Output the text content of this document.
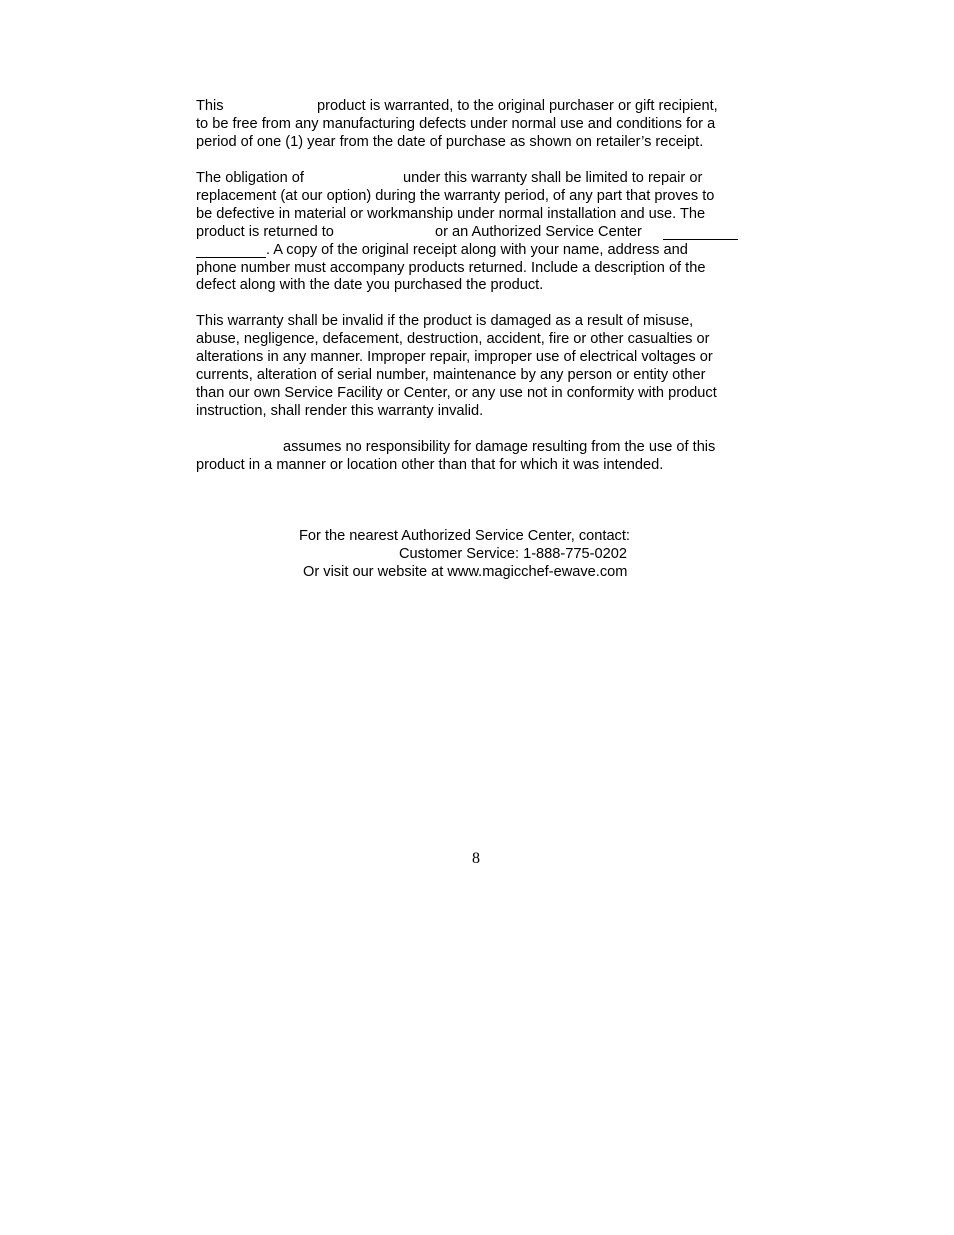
This	product is warranted, to the original purchaser or gift recipient,
to be free from any manufacturing defects under normal use and conditions for a
period of one (1) year from the date of purchase as shown on retailer’s receipt.
The obligation of	under this warranty shall be limited to repair or
replacement (at our option) during the warranty period, of any part that proves to
be defective in material or workmanship under normal installation and use. The
product is returned to	or an Authorized Service Center
. A copy of the original receipt along with your name, address and
phone number must accompany products returned. Include a description of the
defect along with the date you purchased the product.
This warranty shall be invalid if the product is damaged as a result of misuse,
abuse, negligence, defacement, destruction, accident, fire or other casualties or
alterations in any manner. Improper repair, improper use of electrical voltages or
currents, alteration of serial number, maintenance by any person or entity other
than our own Service Facility or Center, or any use not in conformity with product
instruction, shall render this warranty invalid.
assumes no responsibility for damage resulting from the use of this
product in a manner or location other than that for which it was intended.
For the nearest Authorized Service Center, contact:
Customer Service: 1-888-775-0202
Or visit our website at www.magicchef-ewave.com
8
